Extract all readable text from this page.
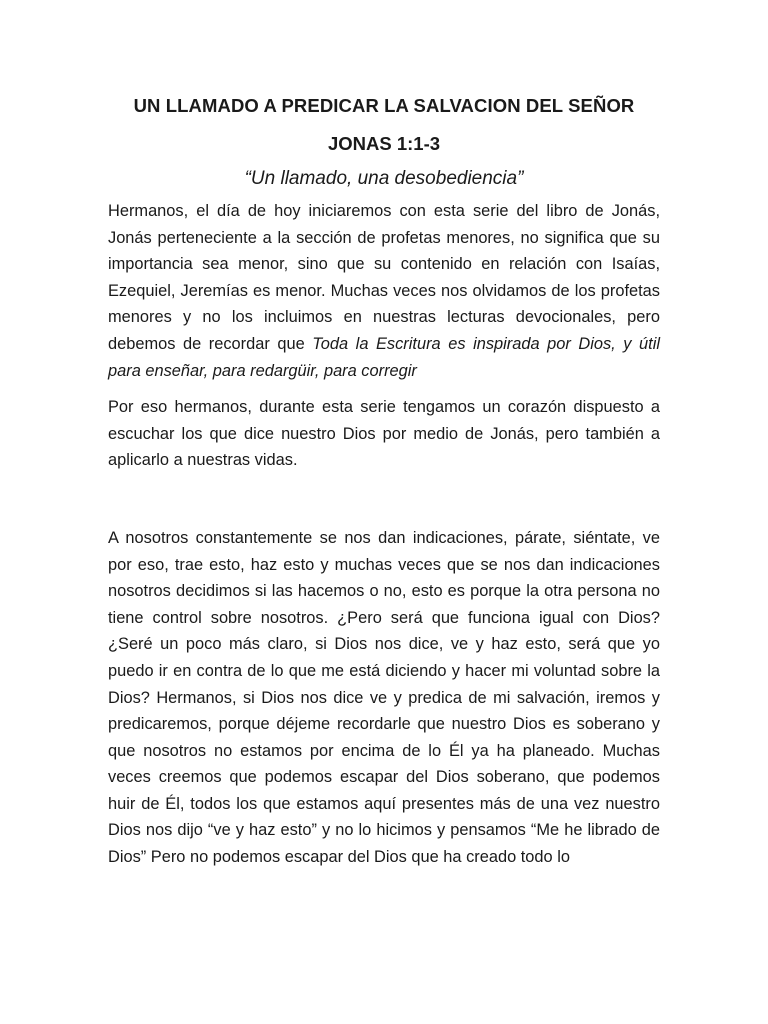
UN LLAMADO A PREDICAR LA SALVACION DEL SEÑOR
JONAS 1:1-3
“Un llamado, una desobediencia”

Hermanos, el día de hoy iniciaremos con esta serie del libro de Jonás, Jonás perteneciente a la sección de profetas menores, no significa que su importancia sea menor, sino que su contenido en relación con Isaías, Ezequiel, Jeremías es menor. Muchas veces nos olvidamos de los profetas menores y no los incluimos en nuestras lecturas devocionales, pero debemos de recordar que Toda la Escritura es inspirada por Dios, y útil para enseñar, para redargüir, para corregir

Por eso hermanos, durante esta serie tengamos un corazón dispuesto a escuchar los que dice nuestro Dios por medio de Jonás, pero también a aplicarlo a nuestras vidas.

A nosotros constantemente se nos dan indicaciones, párate, siéntate, ve por eso, trae esto, haz esto y muchas veces que se nos dan indicaciones nosotros decidimos si las hacemos o no, esto es porque la otra persona no tiene control sobre nosotros. ¿Pero será que funciona igual con Dios? ¿Seré un poco más claro, si Dios nos dice, ve y haz esto, será que yo puedo ir en contra de lo que me está diciendo y hacer mi voluntad sobre la Dios? Hermanos, si Dios nos dice ve y predica de mi salvación, iremos y predicaremos, porque déjeme recordarle que nuestro Dios es soberano y que nosotros no estamos por encima de lo Él ya ha planeado. Muchas veces creemos que podemos escapar del Dios soberano, que podemos huir de Él, todos los que estamos aquí presentes más de una vez nuestro Dios nos dijo “ve y haz esto” y no lo hicimos y pensamos “Me he librado de Dios” Pero no podemos escapar del Dios que ha creado todo lo
